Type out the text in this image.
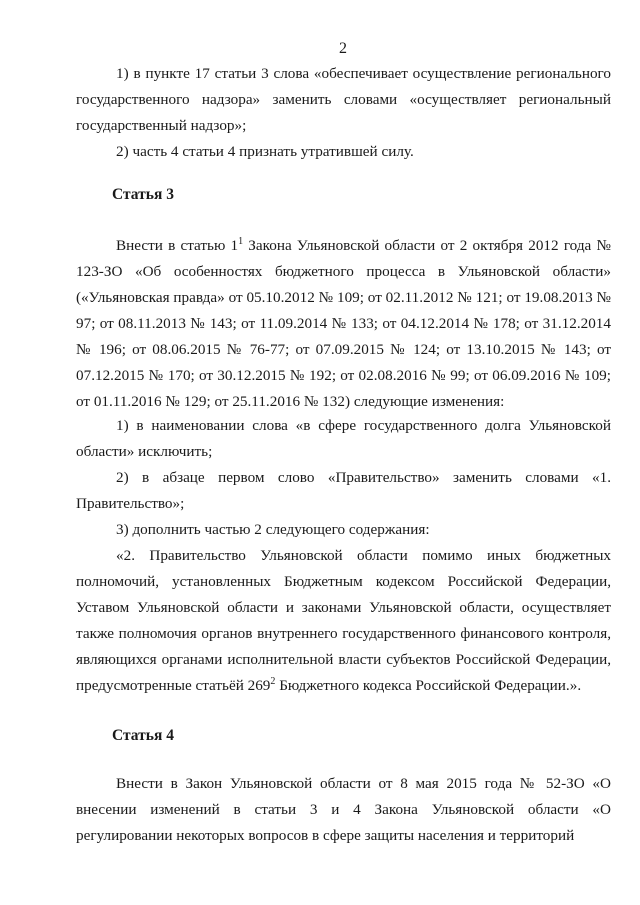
2

1) в пункте 17 статьи 3 слова «обеспечивает осуществление регионального государственного надзора» заменить словами «осуществляет региональный государственный надзор»;

2) часть 4 статьи 4 признать утратившей силу.

Статья 3

Внести в статью $1^1$ Закона Ульяновской области от 2 октября 2012 года № 123-ЗО «Об особенностях бюджетного процесса в Ульяновской области» («Ульяновская правда» от 05.10.2012 № 109; от 02.11.2012 № 121; от 19.08.2013 № 97; от 08.11.2013 № 143; от 11.09.2014 № 133; от 04.12.2014 № 178; от 31.12.2014 № 196; от 08.06.2015 № 76-77; от 07.09.2015 № 124; от 13.10.2015 № 143; от 07.12.2015 № 170; от 30.12.2015 № 192; от 02.08.2016 № 99; от 06.09.2016 № 109; от 01.11.2016 № 129; от 25.11.2016 № 132) следующие изменения:

1) в наименовании слова «в сфере государственного долга Ульяновской области» исключить;

2) в абзаце первом слово «Правительство» заменить словами «1. Правительство»;

3) дополнить частью 2 следующего содержания:

«2. Правительство Ульяновской области помимо иных бюджетных полномочий, установленных Бюджетным кодексом Российской Федерации, Уставом Ульяновской области и законами Ульяновской области, осуществляет также полномочия органов внутреннего государственного финансового контроля, являющихся органами исполнительной власти субъектов Российской Федерации, предусмотренные статьёй $269^2$ Бюджетного кодекса Российской Федерации.».

Статья 4

Внести в Закон Ульяновской области от 8 мая 2015 года № 52-ЗО «О внесении изменений в статьи 3 и 4 Закона Ульяновской области «О регулировании некоторых вопросов в сфере защиты населения и территорий
